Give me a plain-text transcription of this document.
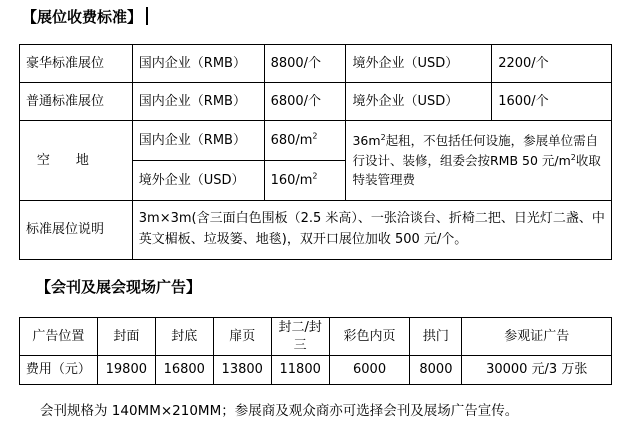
【展位收费标准】
豪华标准展位	国内企业（RMB）	8800/个	境外企业（USD）	2200/个
普通标准展位	国内企业（RMB）	6800/个	境外企业（USD）	1600/个
空地	国内企业（RMB）	$680/m^2$	$36m^2$起租，不包括任何设施，参展单位需自行设计、装修，组委会按RMB 50 元$/m^2$收取特装管理费	
	境外企业（USD）	$160/m^2$
标准展位说明	3m×3m(含三面白色围板（2.5 米高）、一张洽谈台、折椅二把、日光灯二盏、中英文楣板、垃圾篓、地毯)，双开口展位加收 500 元/个。			
【会刊及展会现场广告】
广告位置	封面	封底	扉页	封二/封三	彩色内页	拱门	参观证广告
费用（元）	19800	16800	13800	11800	6000	8000	30000 元/3 万张
会刊规格为 140MM×210MM；参展商及观众商亦可选择会刊及展场广告宣传。
